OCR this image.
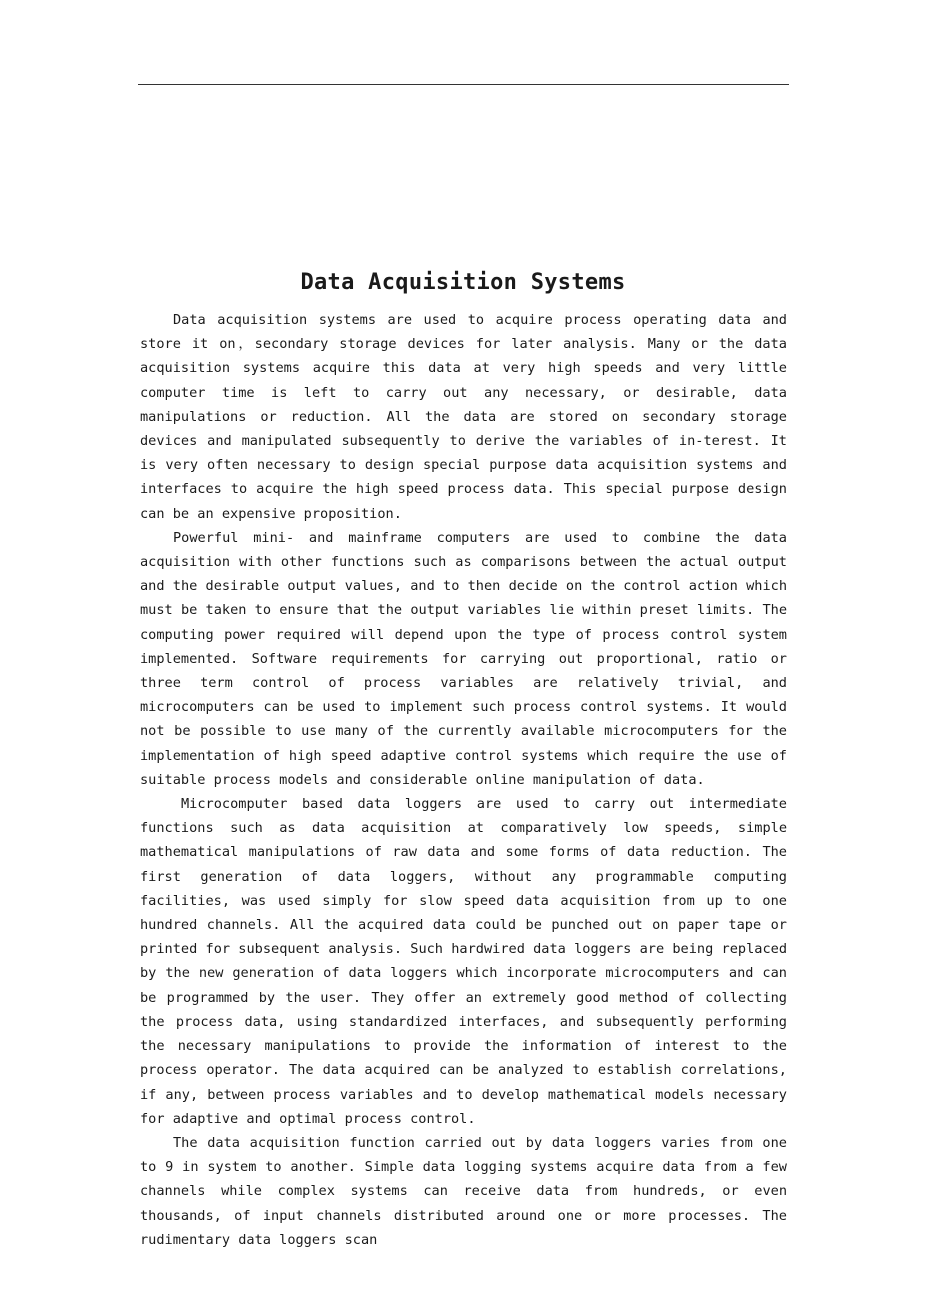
Data Acquisition Systems

Data acquisition systems are used to acquire process operating data and store it on，secondary storage devices for later analysis. Many or the data acquisition systems acquire this data at very high speeds and very little computer time is left to carry out any necessary, or desirable, data manipulations or reduction. All the data are stored on secondary storage devices and manipulated subsequently to derive the variables of in-terest. It is very often necessary to design special purpose data acquisition systems and interfaces to acquire the high speed process data. This special purpose design can be an expensive proposition.

Powerful mini- and mainframe computers are used to combine the data acquisition with other functions such as comparisons between the actual output and the desirable output values, and to then decide on the control action which must be taken to ensure that the output variables lie within preset limits. The computing power required will depend upon the type of process control system implemented. Software requirements for carrying out proportional, ratio or three term control of process variables are relatively trivial, and microcomputers can be used to implement such process control systems. It would not be possible to use many of the currently available microcomputers for the implementation of high speed adaptive control systems which require the use of suitable process models and considerable online manipulation of data.

Microcomputer based data loggers are used to carry out intermediate functions such as data acquisition at comparatively low speeds, simple mathematical manipulations of raw data and some forms of data reduction. The first generation of data loggers, without any programmable computing facilities, was used simply for slow speed data acquisition from up to one hundred channels. All the acquired data could be punched out on paper tape or printed for subsequent analysis. Such hardwired data loggers are being replaced by the new generation of data loggers which incorporate microcomputers and can be programmed by the user. They offer an extremely good method of collecting the process data, using standardized interfaces, and subsequently performing the necessary manipulations to provide the information of interest to the process operator. The data acquired can be analyzed to establish correlations, if any, between process variables and to develop mathematical models necessary for adaptive and optimal process control.

The data acquisition function carried out by data loggers varies from one to 9 in system to another. Simple data logging systems acquire data from a few channels while complex systems can receive data from hundreds, or even thousands, of input channels distributed around one or more processes. The rudimentary data loggers scan
